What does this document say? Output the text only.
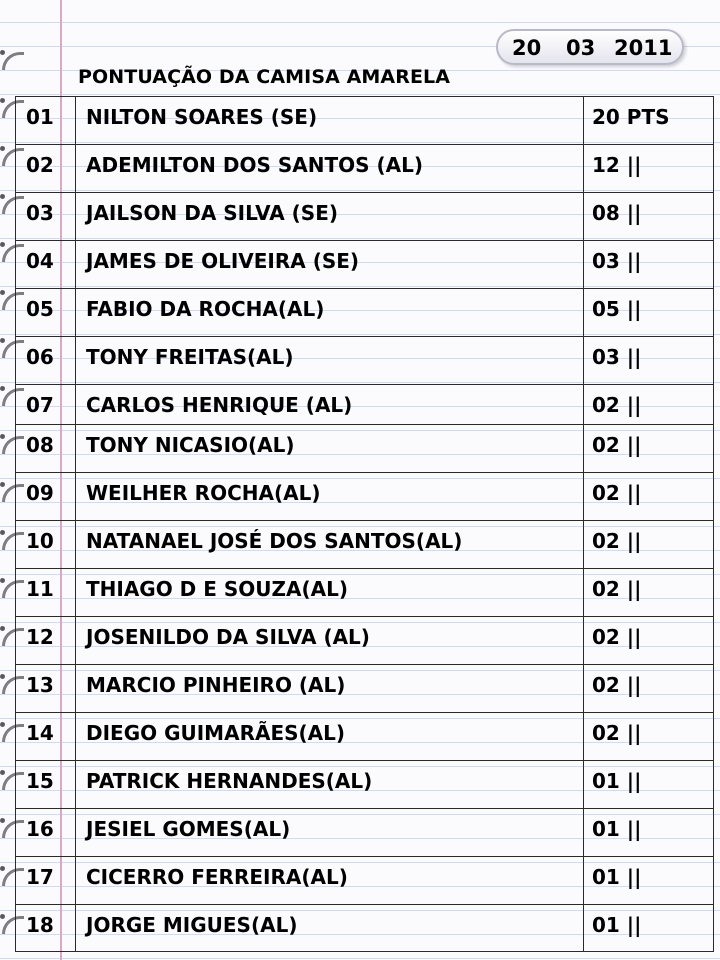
20 03 2011
PONTUAÇÃO DA CAMISA AMARELA
01	NILTON SOARES (SE)	20 PTS
02	ADEMILTON DOS SANTOS (AL)	12 ||
03	JAILSON DA SILVA (SE)	08 ||
04	JAMES DE OLIVEIRA (SE)	03 ||
05	FABIO DA ROCHA(AL)	05 ||
06	TONY FREITAS(AL)	03 ||
07	CARLOS HENRIQUE (AL)	02 ||
08	TONY NICASIO(AL)	02 ||
09	WEILHER ROCHA(AL)	02 ||
10	NATANAEL JOSÉ DOS SANTOS(AL)	02 ||
11	THIAGO D E SOUZA(AL)	02 ||
12	JOSENILDO DA SILVA (AL)	02 ||
13	MARCIO PINHEIRO (AL)	02 ||
14	DIEGO GUIMARÃES(AL)	02 ||
15	PATRICK HERNANDES(AL)	01 ||
16	JESIEL GOMES(AL)	01 ||
17	CICERRO FERREIRA(AL)	01 ||
18	JORGE MIGUES(AL)	01 ||
